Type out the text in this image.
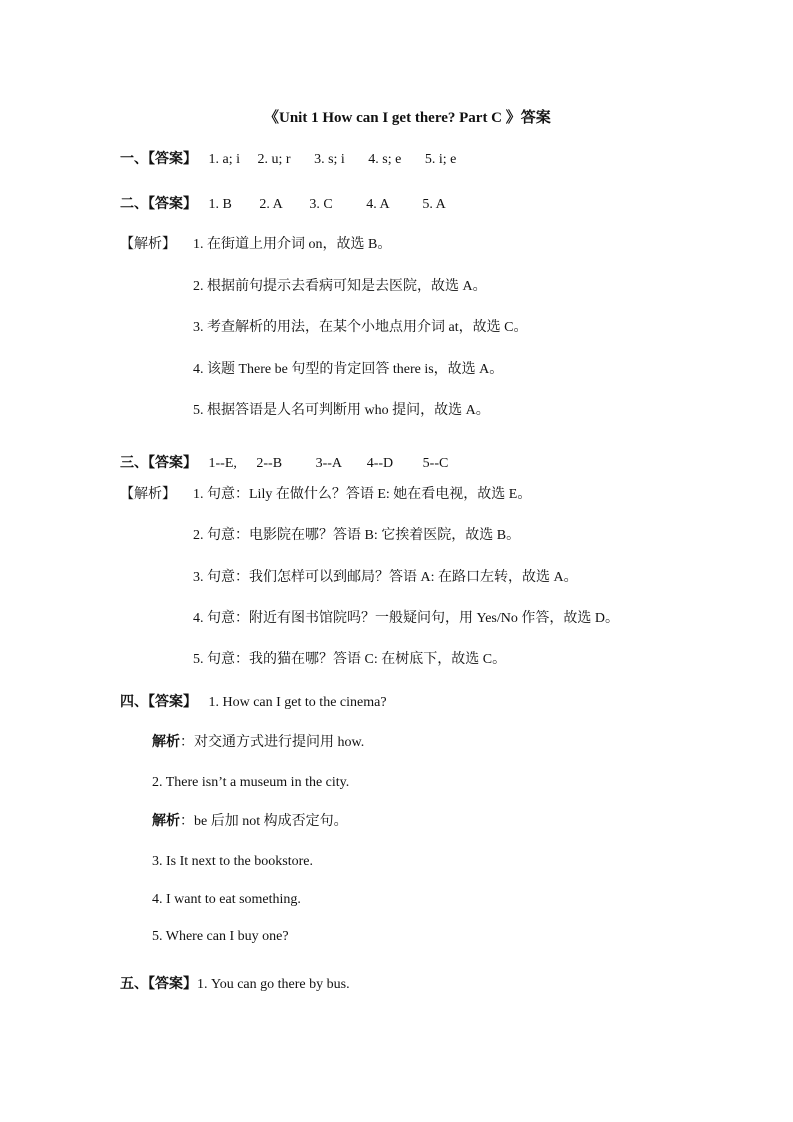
《Unit 1 How can I get there? Part C 》答案
一、【答案】 1. a; i 2. u; r 3. s; i 4. s; e 5. i; e
二、【答案】 1. B 2. A 3. C 4. A 5. A
【解析】 1. 在街道上用介词 on，故选 B。
2. 根据前句提示去看病可知是去医院，故选 A。
3. 考查解析的用法，在某个小地点用介词 at，故选 C。
4. 该题 There be 句型的肯定回答 there is，故选 A。
5. 根据答语是人名可判断用 who 提问，故选 A。
三、【答案】 1--E, 2--B 3--A 4--D 5--C
【解析】 1. 句意：Lily 在做什么？答语 E: 她在看电视，故选 E。
2. 句意：电影院在哪？答语 B: 它挨着医院，故选 B。
3. 句意：我们怎样可以到邮局？答语 A: 在路口左转，故选 A。
4. 句意：附近有图书馆院吗？一般疑问句，用 Yes/No 作答，故选 D。
5. 句意：我的猫在哪？答语 C: 在树底下，故选 C。
四、【答案】 1. How can I get to the cinema?
解析：对交通方式进行提问用 how.
2. There isn’t a museum in the city.
解析：be 后加 not 构成否定句。
3. Is It next to the bookstore.
4. I want to eat something.
5. Where can I buy one?
五、【答案】1. You can go there by bus.
